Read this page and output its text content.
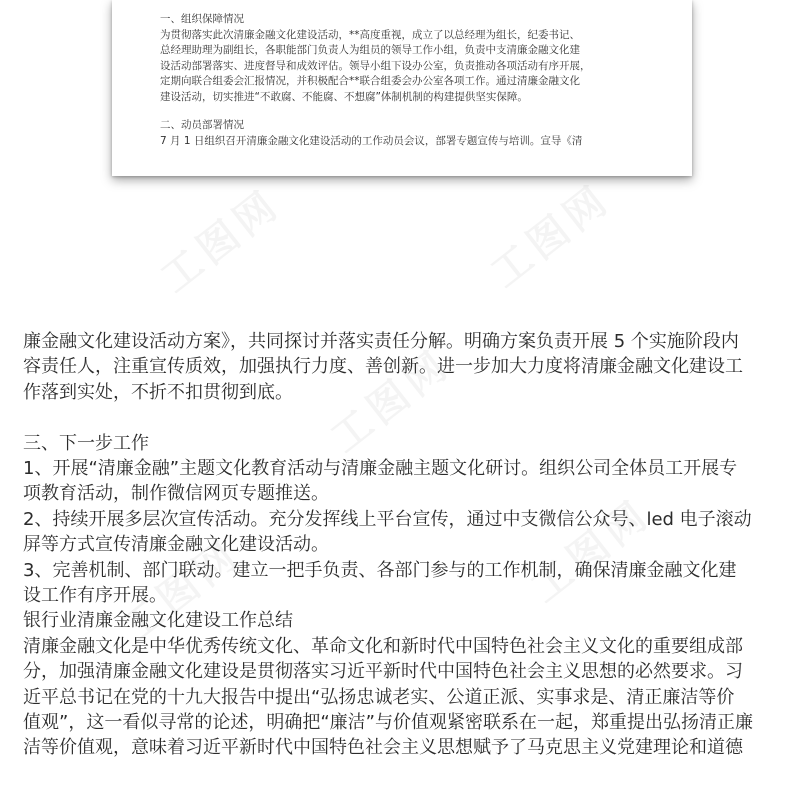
一、组织保障情况

为贯彻落实此次清廉金融文化建设活动，**高度重视，成立了以总经理为组长，纪委书记、

总经理助理为副组长，各职能部门负责人为组员的领导工作小组，负责中支清廉金融文化建

设活动部署落实、进度督导和成效评估。领导小组下设办公室，负责推动各项活动有序开展，

定期向联合组委会汇报情况，并积极配合**联合组委会办公室各项工作。通过清廉金融文化

建设活动，切实推进“不敢腐、不能腐、不想腐”体制机制的构建提供坚实保障。

二、动员部署情况

7 月 1 日组织召开清廉金融文化建设活动的工作动员会议，部署专题宣传与培训。宣导《清

廉金融文化建设活动方案》，共同探讨并落实责任分解。明确方案负责开展 5 个实施阶段内

容责任人，注重宣传质效，加强执行力度、善创新。进一步加大力度将清廉金融文化建设工

作落到实处，不折不扣贯彻到底。

三、下一步工作

1、开展“清廉金融”主题文化教育活动与清廉金融主题文化研讨。组织公司全体员工开展专

项教育活动，制作微信网页专题推送。

2、持续开展多层次宣传活动。充分发挥线上平台宣传，通过中支微信公众号、led 电子滚动

屏等方式宣传清廉金融文化建设活动。

3、完善机制、部门联动。建立一把手负责、各部门参与的工作机制，确保清廉金融文化建

设工作有序开展。

银行业清廉金融文化建设工作总结

清廉金融文化是中华优秀传统文化、革命文化和新时代中国特色社会主义文化的重要组成部

分，加强清廉金融文化建设是贯彻落实习近平新时代中国特色社会主义思想的必然要求。习

近平总书记在党的十九大报告中提出“弘扬忠诚老实、公道正派、实事求是、清正廉洁等价

值观”，这一看似寻常的论述，明确把“廉洁”与价值观紧密联系在一起，郑重提出弘扬清正廉

洁等价值观，意味着习近平新时代中国特色社会主义思想赋予了马克思主义党建理论和道德
